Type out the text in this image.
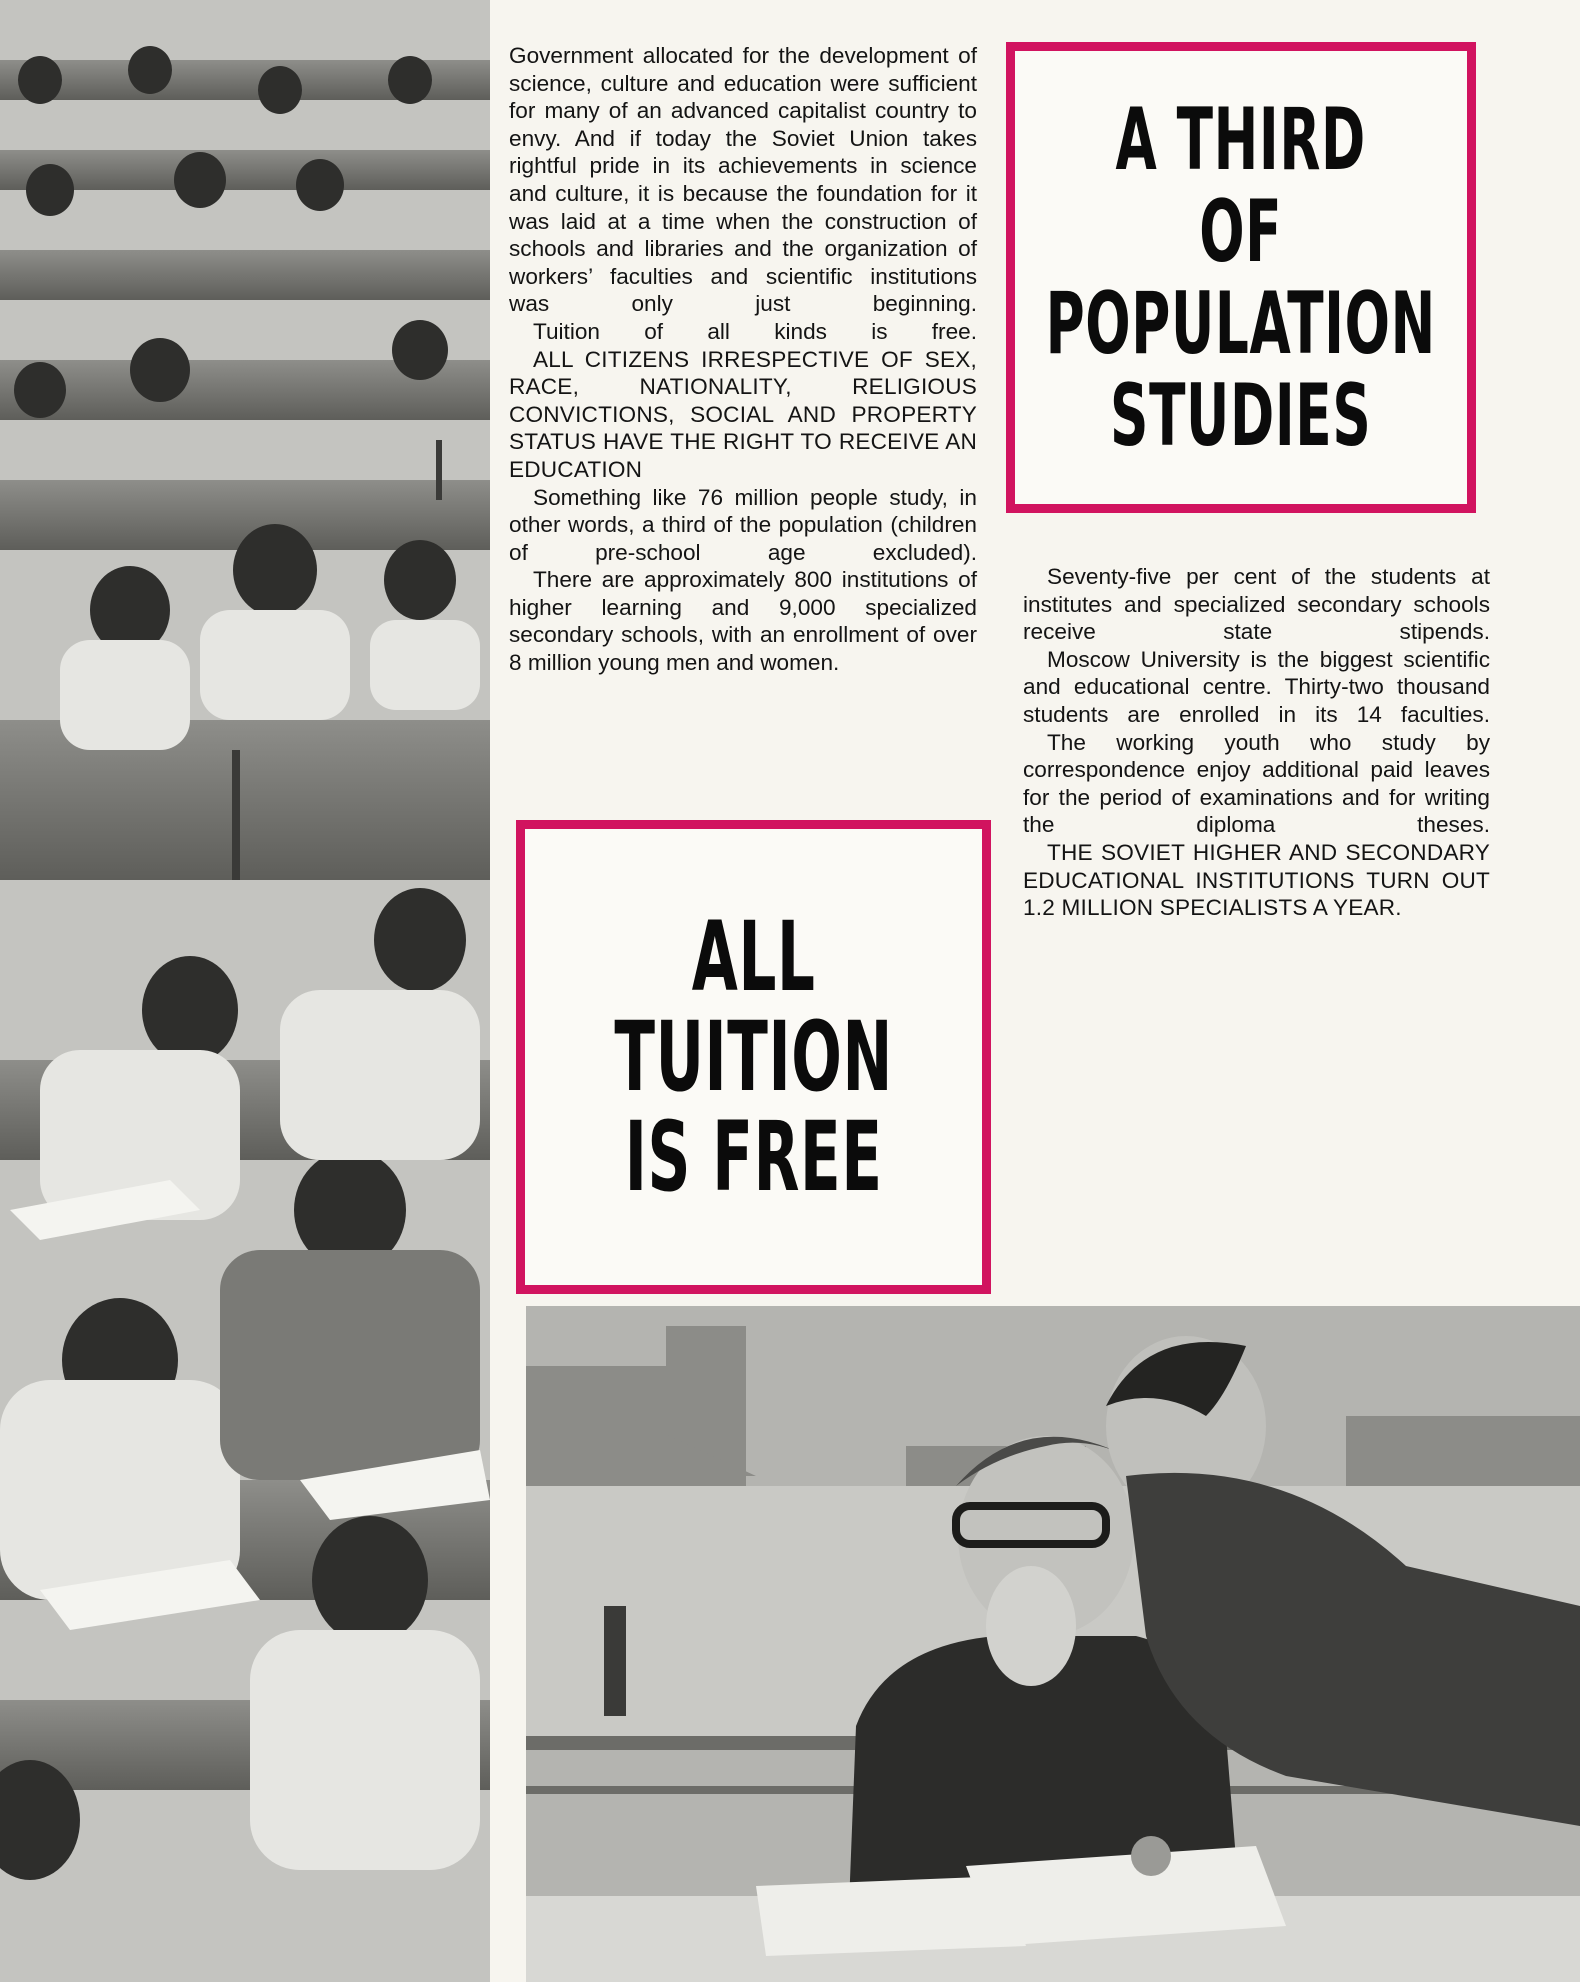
Government allocated for the development of science, culture and education were sufficient for many of an advanced capitalist country to envy. And if today the Soviet Union takes rightful pride in its achievements in science and culture, it is because the foundation for it was laid at a time when the construction of schools and libraries and the organization of workers’ faculties and scientific institutions was only just beginning.

Tuition of all kinds is free.

ALL CITIZENS IRRESPECTIVE OF SEX, RACE, NATIONALITY, RELIGIOUS CONVICTIONS, SOCIAL AND PROPERTY STATUS HAVE THE RIGHT TO RECEIVE AN EDUCATION

Something like 76 million people study, in other words, a third of the population (children of pre-school age excluded).

There are approximately 800 institutions of higher learning and 9,000 specialized secondary schools, with an enrollment of over 8 million young men and women.

A THIRD
OF
POPULATION
STUDIES

Seventy-five per cent of the students at institutes and specialized secondary schools receive state stipends.

Moscow University is the biggest scientific and educational centre. Thirty-two thousand students are enrolled in its 14 faculties.

The working youth who study by correspondence enjoy additional paid leaves for the period of examinations and for writing the diploma theses.

THE SOVIET HIGHER AND SECONDARY EDUCATIONAL INSTITUTIONS TURN OUT 1.2 MILLION SPECIALISTS A YEAR.

ALL
TUITION
IS FREE
